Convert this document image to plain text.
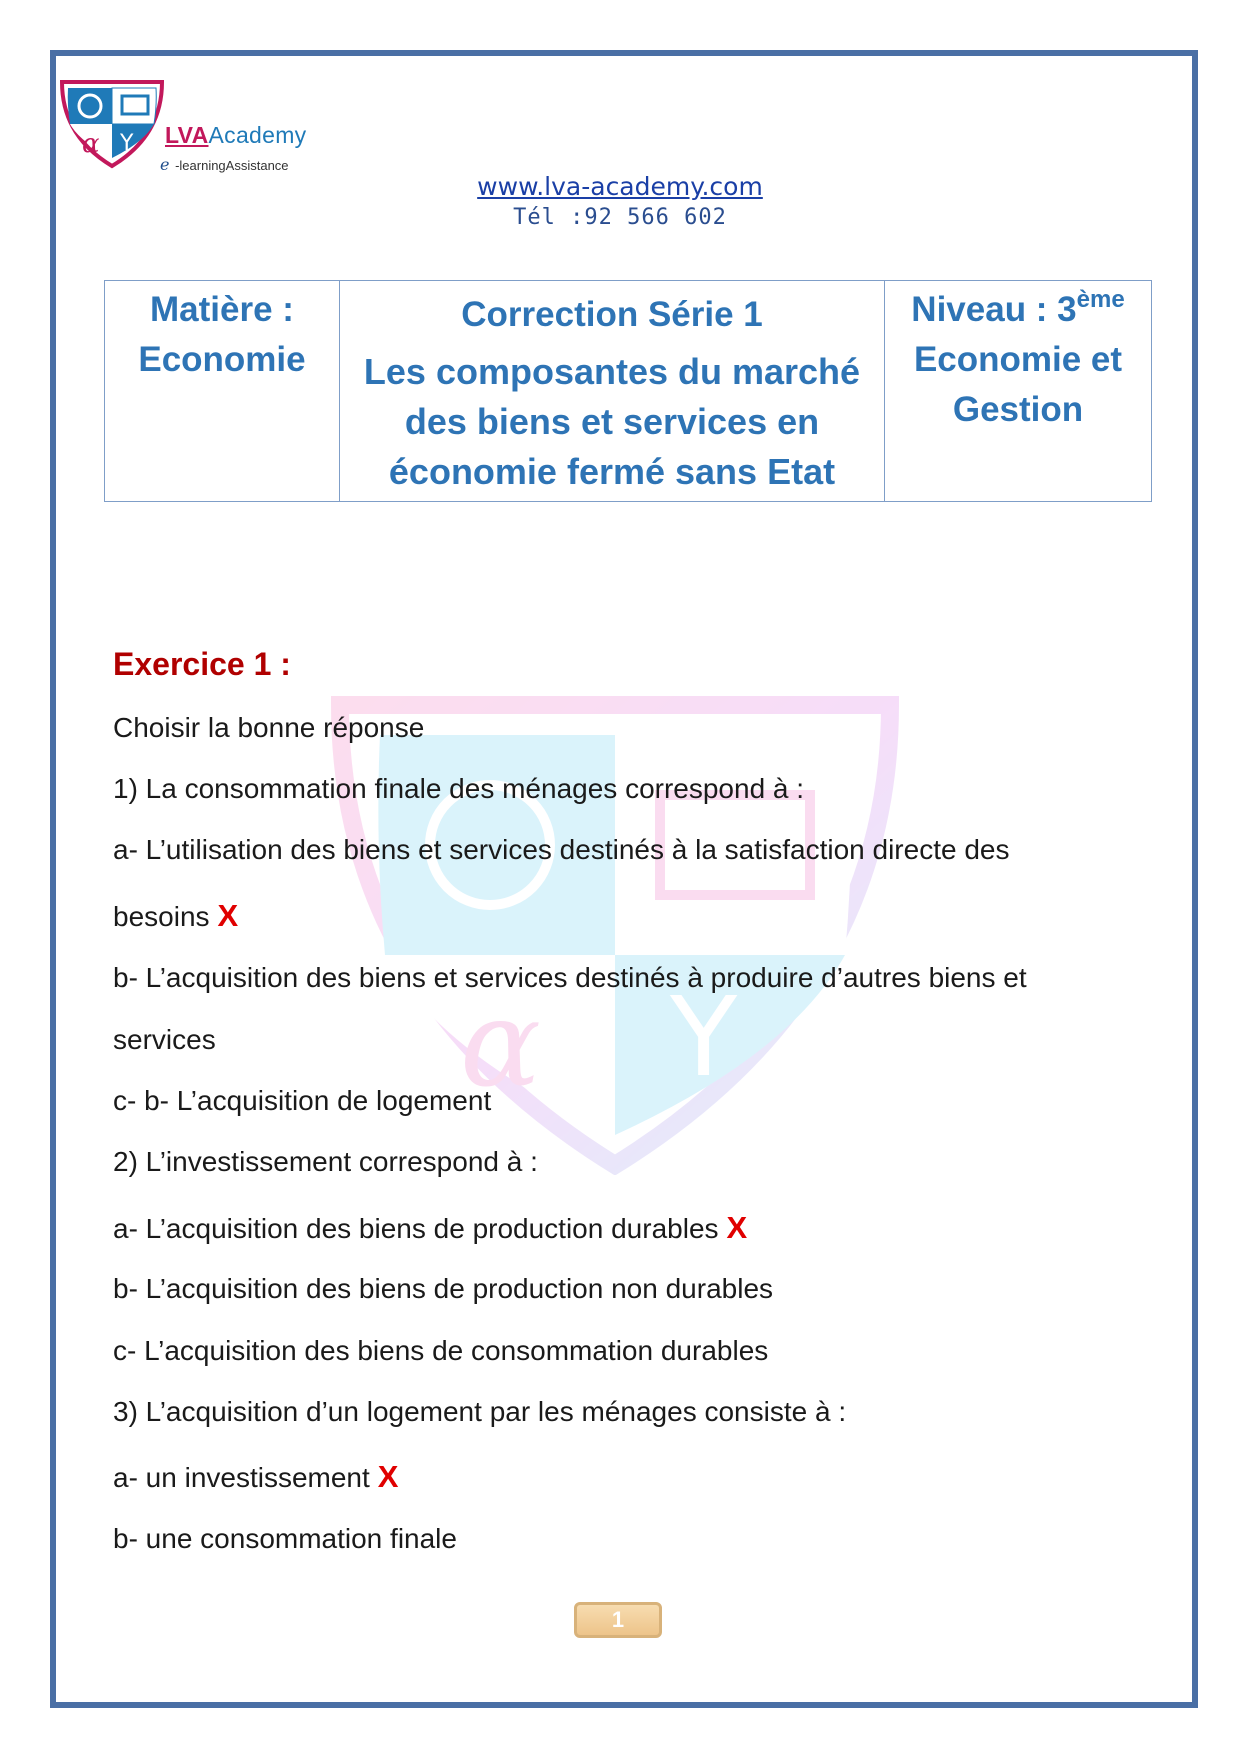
α Y
α Y LVAAcademy
e -learningAssistance
www.lva-academy.com
Tél :92 566 602
Matière :
Economie

Correction Série 1
Les composantes du marché
des biens et services en
économie fermé sans Etat

Niveau : 3ème
Economie et
Gestion
Exercice 1 :
Choisir la bonne réponse
1) La consommation finale des ménages correspond à :
a- L’utilisation des biens et services destinés à la satisfaction directe des
besoins X
b- L’acquisition des biens et services destinés à produire d’autres biens et
services
c- b- L’acquisition de logement
2) L’investissement correspond à :
a- L’acquisition des biens de production durables X
b- L’acquisition des biens de production non durables
c- L’acquisition des biens de consommation durables
3) L’acquisition d’un logement par les ménages consiste à :
a- un investissement X
b- une consommation finale
1
